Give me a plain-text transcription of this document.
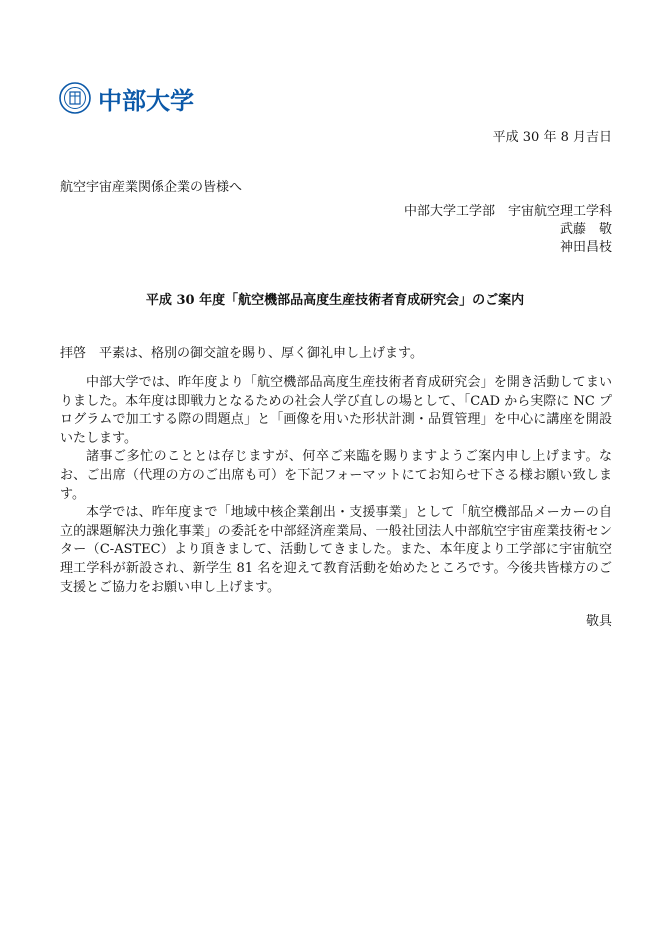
中部大学
平成 30 年 8 月吉日
航空宇宙産業関係企業の皆様へ
中部大学工学部　宇宙航空理工学科
武藤　敬
神田昌枝
平成 30 年度「航空機部品高度生産技術者育成研究会」のご案内
拝啓　平素は、格別の御交誼を賜り、厚く御礼申し上げます。

中部大学では、昨年度より「航空機部品高度生産技術者育成研究会」を開き活動してまいりました。本年度は即戦力となるための社会人学び直しの場として、「CAD から実際に NC プログラムで加工する際の問題点」と「画像を用いた形状計測・品質管理」を中心に講座を開設いたします。

諸事ご多忙のこととは存じますが、何卒ご来臨を賜りますようご案内申し上げます。なお、ご出席（代理の方のご出席も可）を下記フォーマットにてお知らせ下さる様お願い致します。

本学では、昨年度まで「地域中核企業創出・支援事業」として「航空機部品メーカーの自立的課題解決力強化事業」の委託を中部経済産業局、一般社団法人中部航空宇宙産業技術センター（C-ASTEC）より頂きまして、活動してきました。また、本年度より工学部に宇宙航空理工学科が新設され、新学生 81 名を迎えて教育活動を始めたところです。今後共皆様方のご支援とご協力をお願い申し上げます。

敬具
